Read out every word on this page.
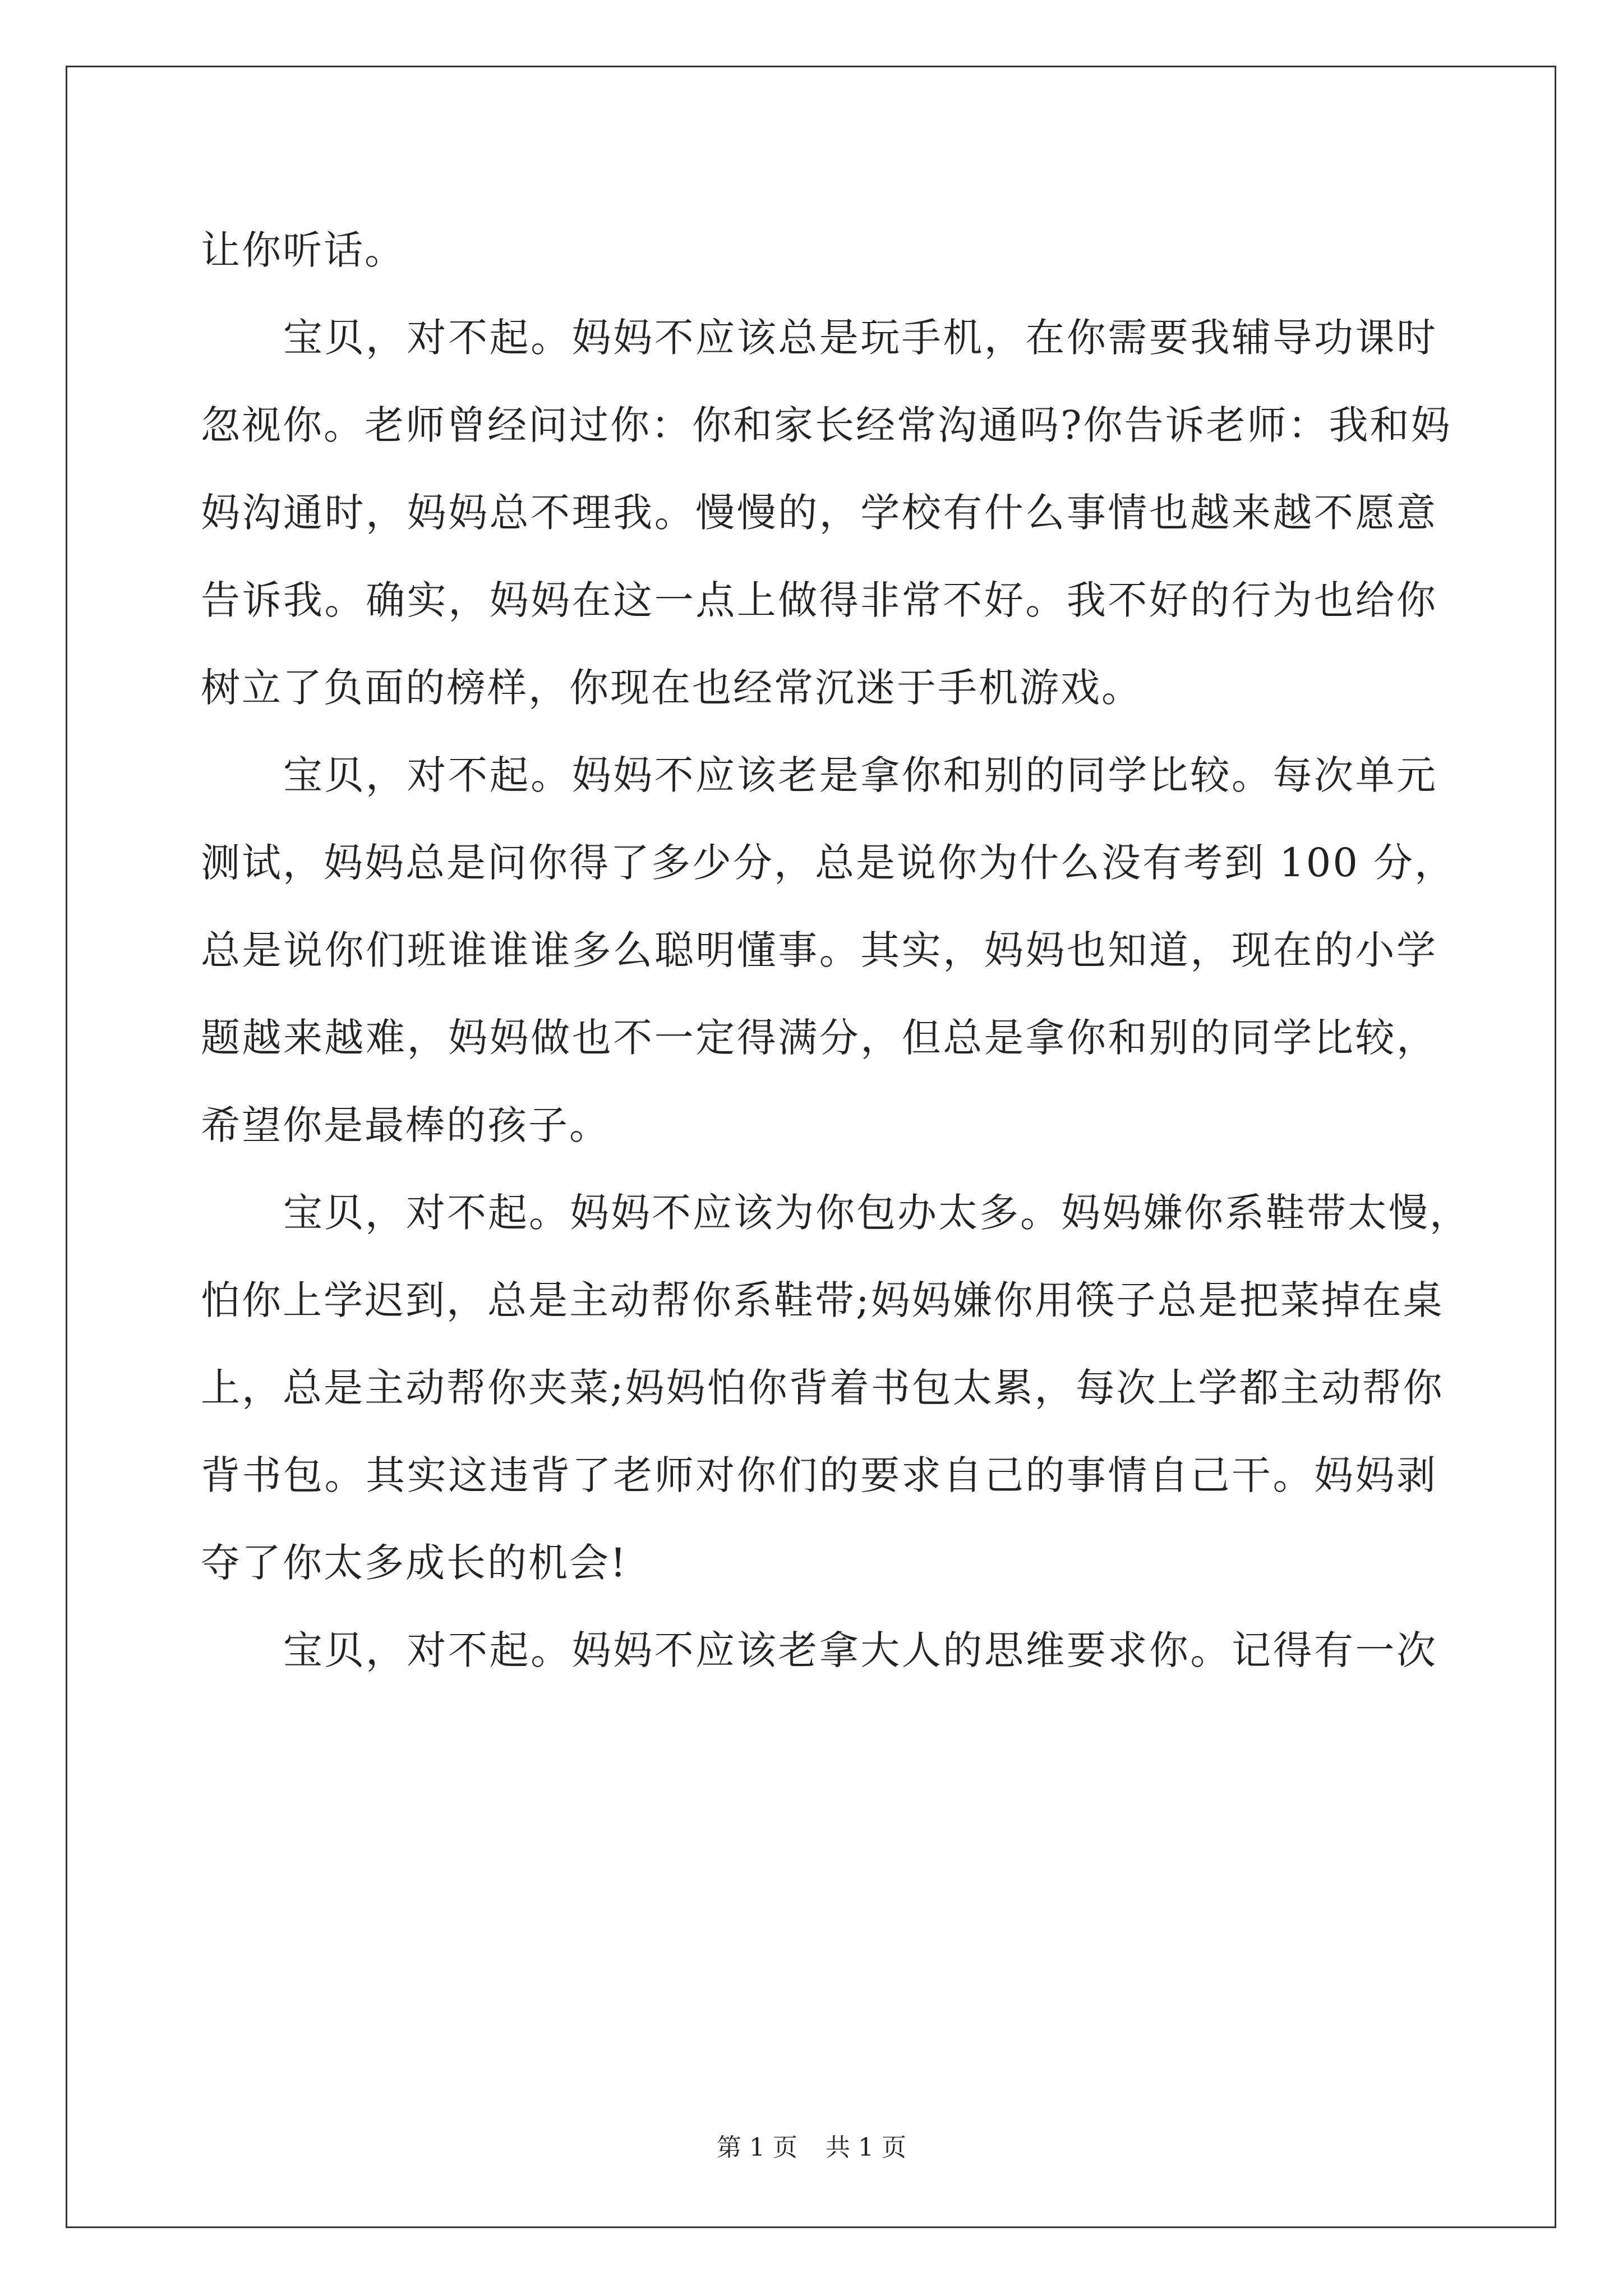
让你听话。
宝贝，对不起。妈妈不应该总是玩手机，在你需要我辅导功课时
忽视你。老师曾经问过你：你和家长经常沟通吗?你告诉老师：我和妈
妈沟通时，妈妈总不理我。慢慢的，学校有什么事情也越来越不愿意
告诉我。确实，妈妈在这一点上做得非常不好。我不好的行为也给你
树立了负面的榜样，你现在也经常沉迷于手机游戏。
宝贝，对不起。妈妈不应该老是拿你和别的同学比较。每次单元
测试，妈妈总是问你得了多少分，总是说你为什么没有考到 100 分，
总是说你们班谁谁谁多么聪明懂事。其实，妈妈也知道，现在的小学
题越来越难，妈妈做也不一定得满分，但总是拿你和别的同学比较，
希望你是最棒的孩子。
宝贝，对不起。妈妈不应该为你包办太多。妈妈嫌你系鞋带太慢，
怕你上学迟到，总是主动帮你系鞋带;妈妈嫌你用筷子总是把菜掉在桌
上，总是主动帮你夹菜;妈妈怕你背着书包太累，每次上学都主动帮你
背书包。其实这违背了老师对你们的要求自己的事情自己干。妈妈剥
夺了你太多成长的机会!
宝贝，对不起。妈妈不应该老拿大人的思维要求你。记得有一次
第 1 页 共 1 页
